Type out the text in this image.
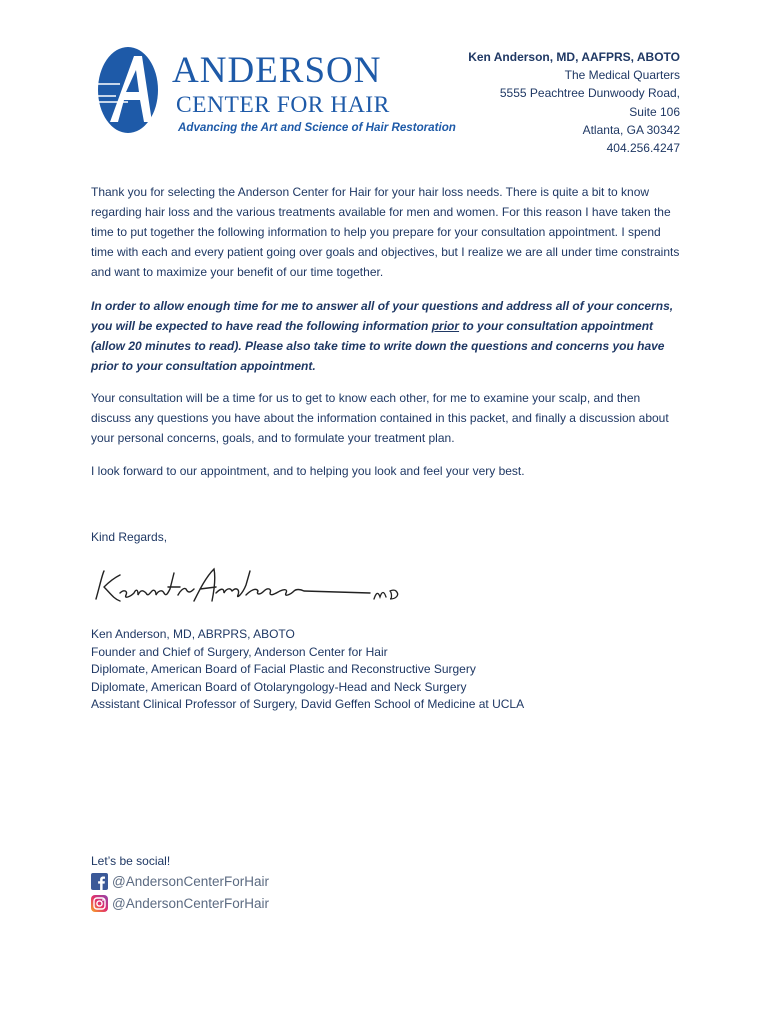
ANDERSON
CENTER FOR HAIR
Advancing the Art and Science of Hair Restoration
Ken Anderson, MD, AAFPRS, ABOTO
The Medical Quarters
5555 Peachtree Dunwoody Road,
Suite 106
Atlanta, GA 30342
404.256.4247
Thank you for selecting the Anderson Center for Hair for your hair loss needs. There is quite a bit to know regarding hair loss and the various treatments available for men and women. For this reason I have taken the time to put together the following information to help you prepare for your consultation appointment. I spend time with each and every patient going over goals and objectives, but I realize we are all under time constraints and want to maximize your benefit of our time together.
In order to allow enough time for me to answer all of your questions and address all of your concerns, you will be expected to have read the following information prior to your consultation appointment (allow 20 minutes to read). Please also take time to write down the questions and concerns you have prior to your consultation appointment.
Your consultation will be a time for us to get to know each other, for me to examine your scalp, and then discuss any questions you have about the information contained in this packet, and finally a discussion about your personal concerns, goals, and to formulate your treatment plan.
I look forward to our appointment, and to helping you look and feel your very best.
Kind Regards,
Ken Anderson, MD, ABRPRS, ABOTO
Founder and Chief of Surgery, Anderson Center for Hair
Diplomate, American Board of Facial Plastic and Reconstructive Surgery
Diplomate, American Board of Otolaryngology-Head and Neck Surgery
Assistant Clinical Professor of Surgery, David Geffen School of Medicine at UCLA
Let’s be social!
@AndersonCenterForHair
@AndersonCenterForHair
